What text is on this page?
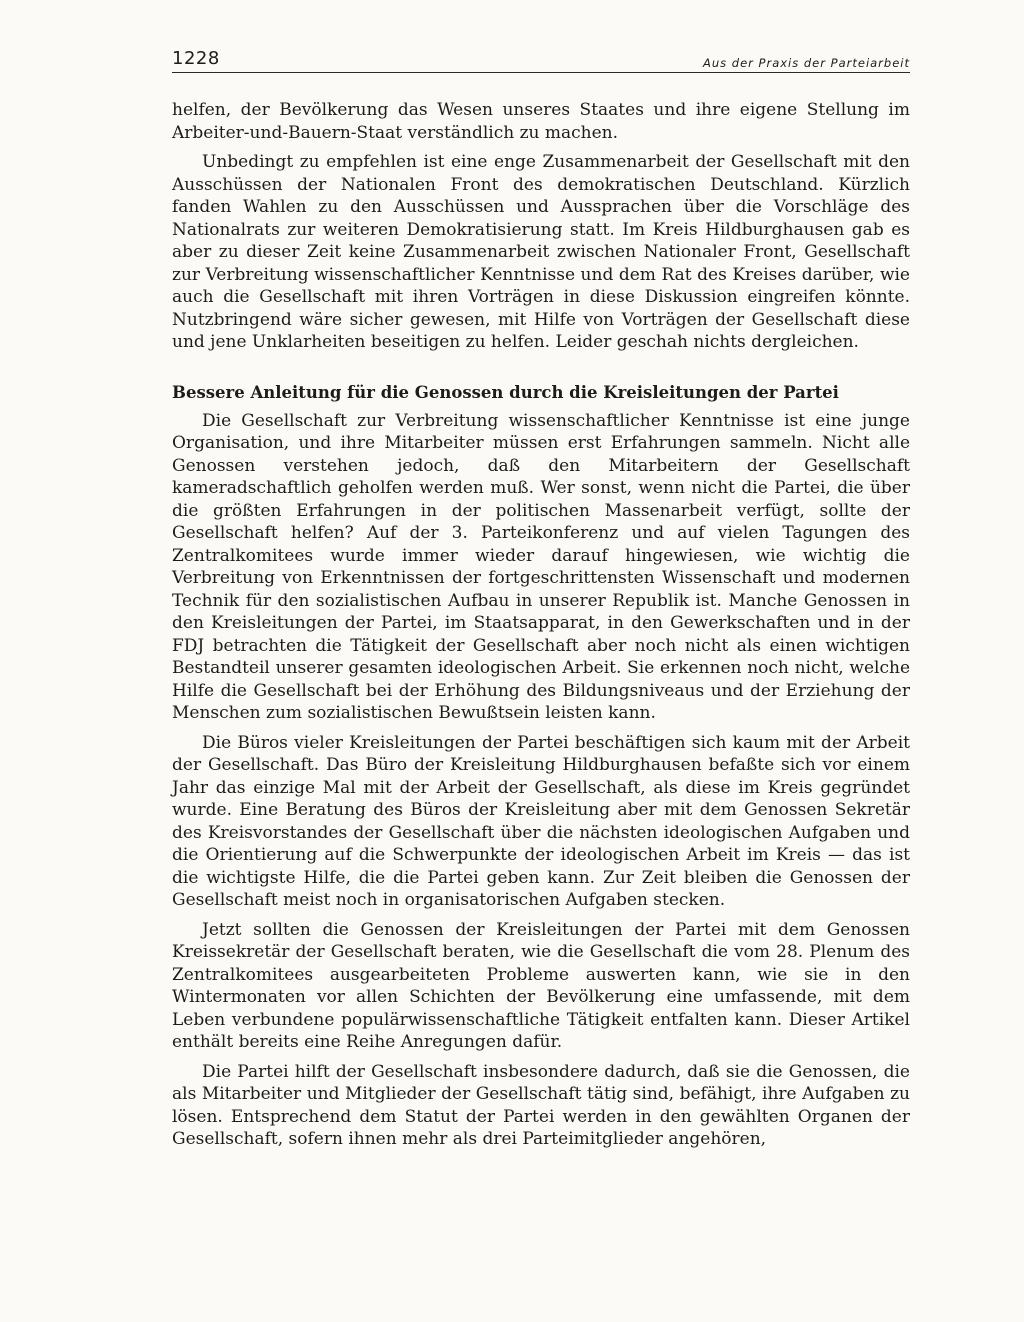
1228	Aus der Praxis der Parteiarbeit

helfen, der Bevölkerung das Wesen unseres Staates und ihre eigene Stellung im Arbeiter-und-Bauern-Staat verständlich zu machen.

Unbedingt zu empfehlen ist eine enge Zusammenarbeit der Gesellschaft mit den Ausschüssen der Nationalen Front des demokratischen Deutschland. Kürzlich fanden Wahlen zu den Ausschüssen und Aussprachen über die Vorschläge des Nationalrats zur weiteren Demokratisierung statt. Im Kreis Hildburghausen gab es aber zu dieser Zeit keine Zusammenarbeit zwischen Nationaler Front, Gesellschaft zur Verbreitung wissenschaftlicher Kenntnisse und dem Rat des Kreises darüber, wie auch die Gesellschaft mit ihren Vorträgen in diese Diskussion eingreifen könnte. Nutzbringend wäre sicher gewesen, mit Hilfe von Vorträgen der Gesellschaft diese und jene Unklarheiten beseitigen zu helfen. Leider geschah nichts dergleichen.

Bessere Anleitung für die Genossen durch die Kreisleitungen der Partei

Die Gesellschaft zur Verbreitung wissenschaftlicher Kenntnisse ist eine junge Organisation, und ihre Mitarbeiter müssen erst Erfahrungen sammeln. Nicht alle Genossen verstehen jedoch, daß den Mitarbeitern der Gesellschaft kameradschaftlich geholfen werden muß. Wer sonst, wenn nicht die Partei, die über die größten Erfahrungen in der politischen Massenarbeit verfügt, sollte der Gesellschaft helfen? Auf der 3. Parteikonferenz und auf vielen Tagungen des Zentralkomitees wurde immer wieder darauf hingewiesen, wie wichtig die Verbreitung von Erkenntnissen der fortgeschrittensten Wissenschaft und modernen Technik für den sozialistischen Aufbau in unserer Republik ist. Manche Genossen in den Kreisleitungen der Partei, im Staatsapparat, in den Gewerkschaften und in der FDJ betrachten die Tätigkeit der Gesellschaft aber noch nicht als einen wichtigen Bestandteil unserer gesamten ideologischen Arbeit. Sie erkennen noch nicht, welche Hilfe die Gesellschaft bei der Erhöhung des Bildungsniveaus und der Erziehung der Menschen zum sozialistischen Bewußtsein leisten kann.

Die Büros vieler Kreisleitungen der Partei beschäftigen sich kaum mit der Arbeit der Gesellschaft. Das Büro der Kreisleitung Hildburghausen befaßte sich vor einem Jahr das einzige Mal mit der Arbeit der Gesellschaft, als diese im Kreis gegründet wurde. Eine Beratung des Büros der Kreisleitung aber mit dem Genossen Sekretär des Kreisvorstandes der Gesellschaft über die nächsten ideologischen Aufgaben und die Orientierung auf die Schwerpunkte der ideologischen Arbeit im Kreis — das ist die wichtigste Hilfe, die die Partei geben kann. Zur Zeit bleiben die Genossen der Gesellschaft meist noch in organisatorischen Aufgaben stecken.

Jetzt sollten die Genossen der Kreisleitungen der Partei mit dem Genossen Kreissekretär der Gesellschaft beraten, wie die Gesellschaft die vom 28. Plenum des Zentralkomitees ausgearbeiteten Probleme auswerten kann, wie sie in den Wintermonaten vor allen Schichten der Bevölkerung eine umfassende, mit dem Leben verbundene populärwissenschaftliche Tätigkeit entfalten kann. Dieser Artikel enthält bereits eine Reihe Anregungen dafür.

Die Partei hilft der Gesellschaft insbesondere dadurch, daß sie die Genossen, die als Mitarbeiter und Mitglieder der Gesellschaft tätig sind, befähigt, ihre Aufgaben zu lösen. Entsprechend dem Statut der Partei werden in den gewählten Organen der Gesellschaft, sofern ihnen mehr als drei Parteimitglieder angehören,
